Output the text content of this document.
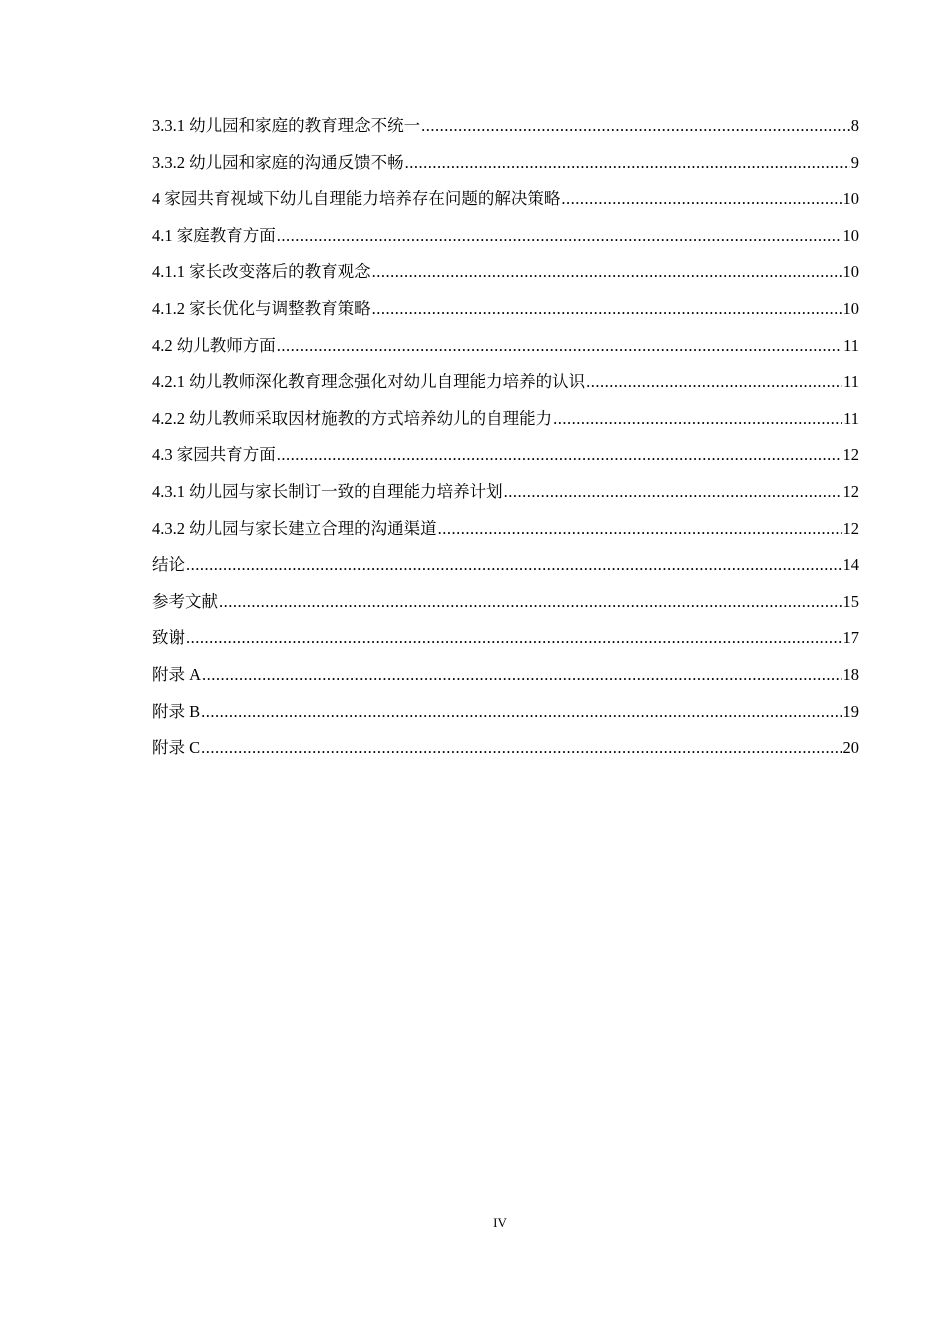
3.3.1 幼儿园和家庭的教育理念不统一 .....	8
3.3.2 幼儿园和家庭的沟通反馈不畅 .....	9
4 家园共育视域下幼儿自理能力培养存在问题的解决策略 .....	10
4.1 家庭教育方面 .....	10
4.1.1 家长改变落后的教育观念 .....	10
4.1.2 家长优化与调整教育策略 .....	10
4.2 幼儿教师方面 .....	11
4.2.1 幼儿教师深化教育理念强化对幼儿自理能力培养的认识 .....	11
4.2.2 幼儿教师采取因材施教的方式培养幼儿的自理能力 .....	11
4.3 家园共育方面 .....	12
4.3.1 幼儿园与家长制订一致的自理能力培养计划 .....	12
4.3.2 幼儿园与家长建立合理的沟通渠道 .....	12
结论 .....	14
参考文献 .....	15
致谢 .....	17
附录 A .....	18
附录 B .....	19
附录 C .....	20
IV
